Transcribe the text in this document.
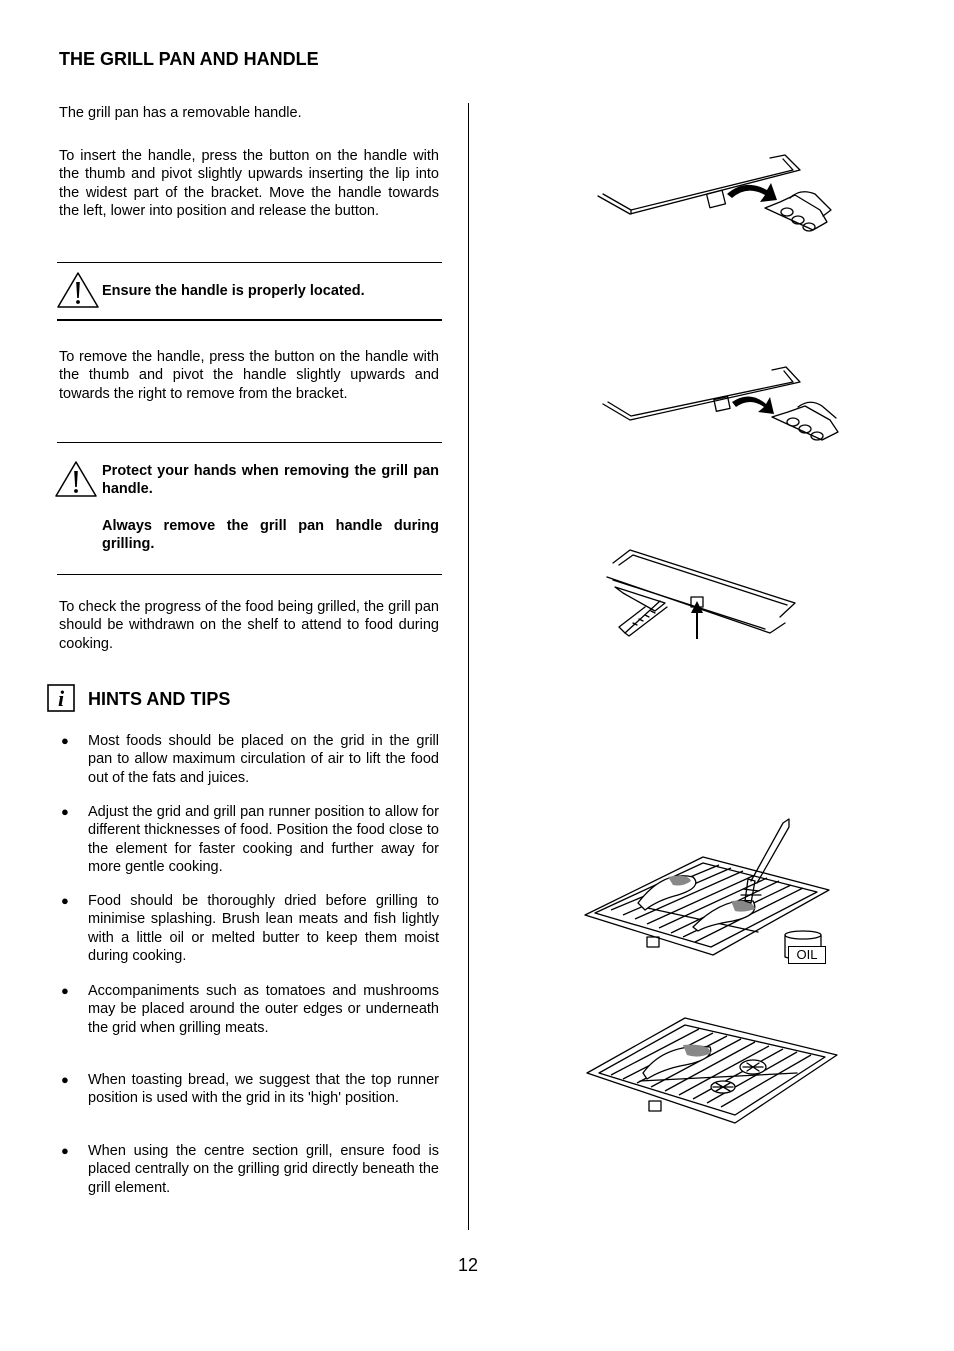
THE GRILL PAN AND HANDLE
The grill pan has a removable handle.
To insert the handle, press the button on the handle with the thumb and pivot slightly upwards inserting the lip into the widest part of the bracket. Move the handle towards the left, lower into position and release the button.
Ensure the handle is properly located.
To remove the handle, press the button on the handle with the thumb and pivot the handle slightly upwards and towards the right to remove from the bracket.
Protect your hands when removing the grill pan handle.
Always remove the grill pan handle during grilling.
To check the progress of the food being grilled, the grill pan should be withdrawn on the shelf to attend to food during cooking.
i HINTS AND TIPS
● Most foods should be placed on the grid in the grill pan to allow maximum circulation of air to lift the food out of the fats and juices.
● Adjust the grid and grill pan runner position to allow for different thicknesses of food. Position the food close to the element for faster cooking and further away for more gentle cooking.
● Food should be thoroughly dried before grilling to minimise splashing. Brush lean meats and fish lightly with a little oil or melted butter to keep them moist during cooking.
● Accompaniments such as tomatoes and mushrooms may be placed around the outer edges or underneath the grid when grilling meats.
● When toasting bread, we suggest that the top runner position is used with the grid in its 'high' position.
● When using the centre section grill, ensure food is placed centrally on the grilling grid directly beneath the grill element.
OIL
12
